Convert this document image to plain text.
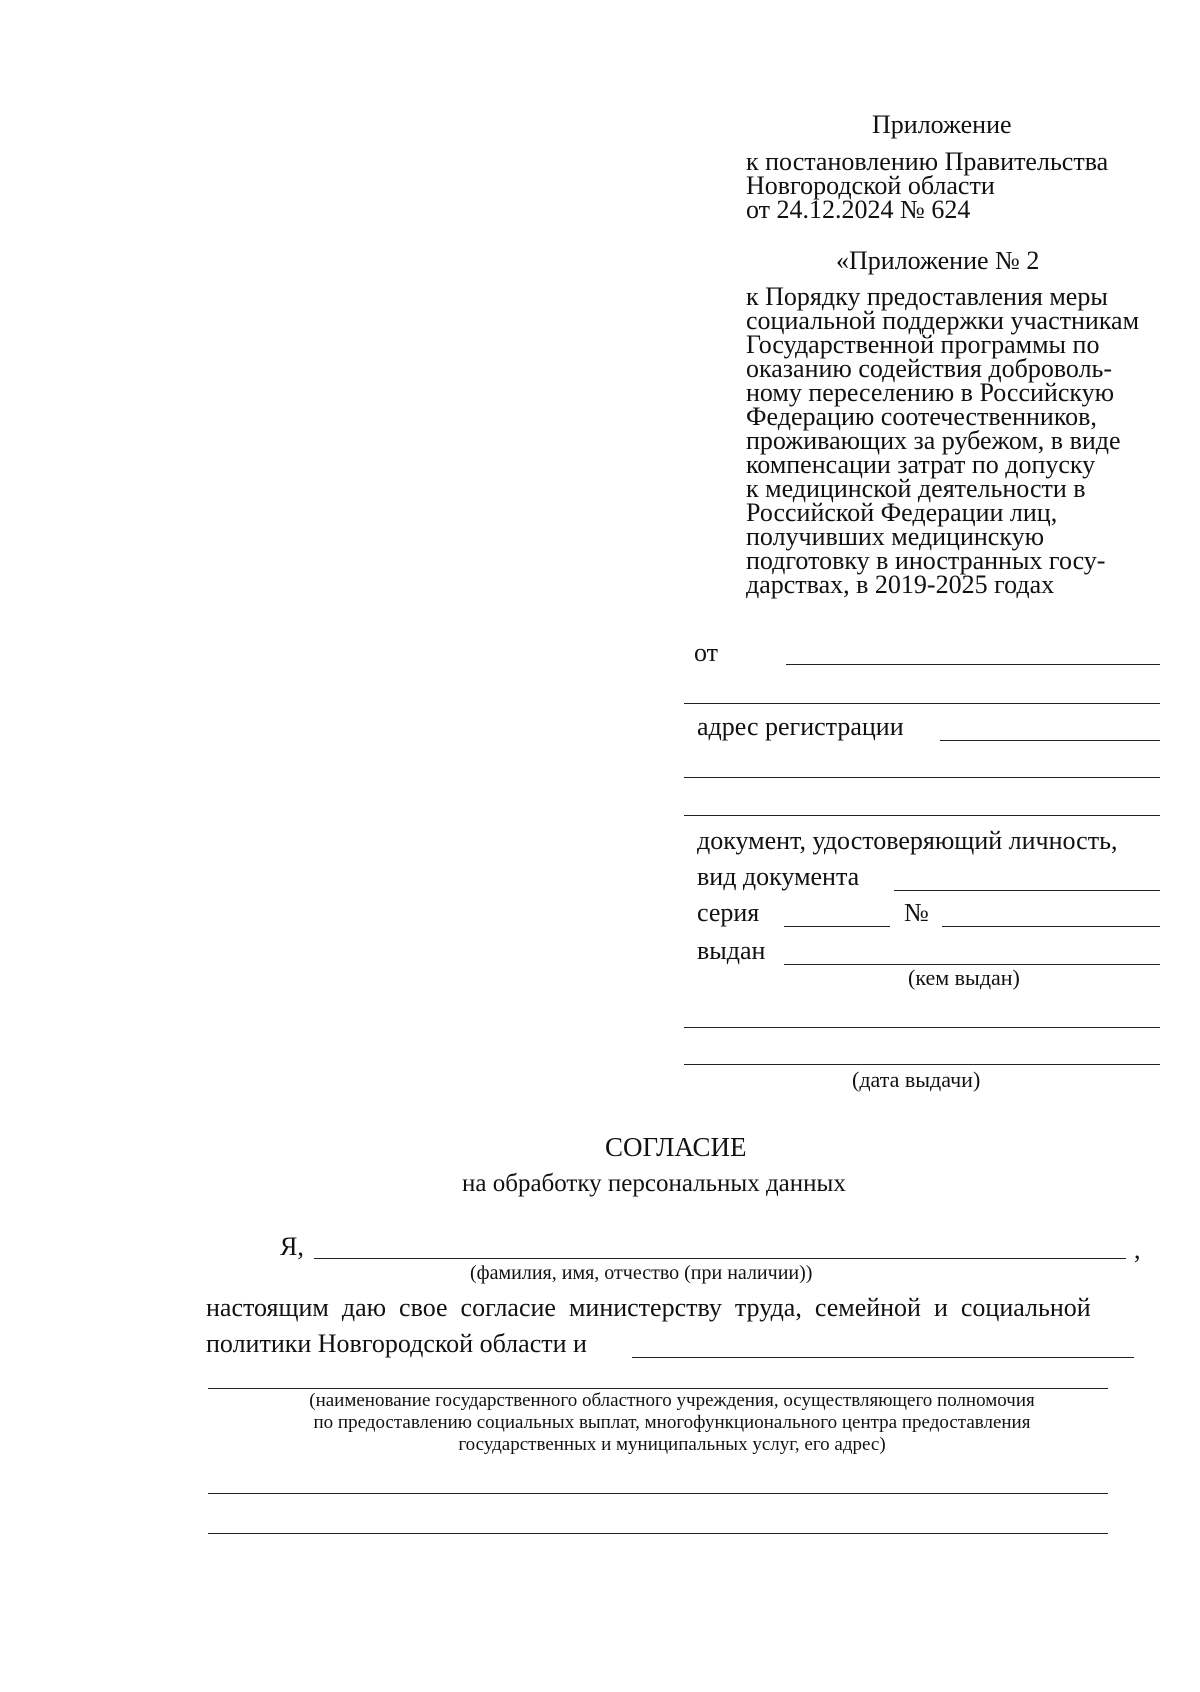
Приложение
к постановлению Правительства
Новгородской области
от 24.12.2024 № 624
«Приложение № 2
к Порядку предоставления меры
социальной поддержки участникам
Государственной программы по
оказанию содействия доброволь-
ному переселению в Российскую
Федерацию соотечественников,
проживающих за рубежом, в виде
компенсации затрат по допуску
к медицинской деятельности в
Российской Федерации лиц,
получивших медицинскую
подготовку в иностранных госу-
дарствах, в 2019-2025 годах
от
адрес регистрации
документ, удостоверяющий личность,
вид документа
серия	№
выдан
(кем выдан)
(дата выдачи)
СОГЛАСИЕ
на обработку персональных данных
Я,	,
(фамилия, имя, отчество (при наличии))
настоящим  даю  свое  согласие  министерству  труда,  семейной  и  социальной
политики Новгородской области и
(наименование государственного областного учреждения, осуществляющего полномочия
по предоставлению социальных выплат, многофункционального центра предоставления
государственных и муниципальных услуг, его адрес)
